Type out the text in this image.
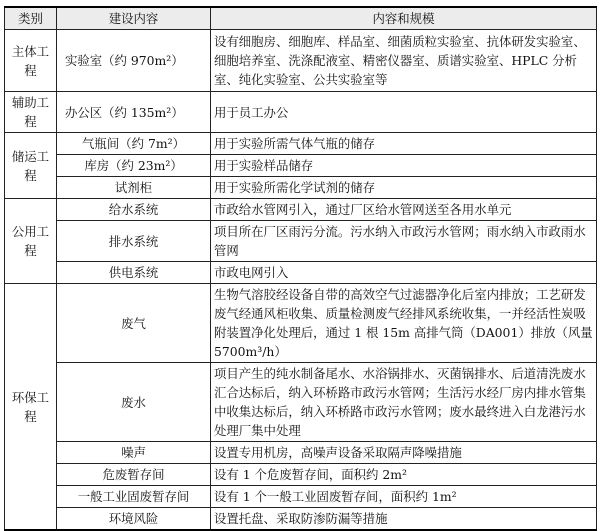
类别	建设内容	内容和规模
主体工程	实验室（约 970m²）	设有细胞房、细胞库、样品室、细菌质粒实验室、抗体研发实验室、细胞培养室、洗涤配液室、精密仪器室、质谱实验室、HPLC 分析室、纯化实验室、公共实验室等
辅助工程	办公区（约 135m²）	用于员工办公
储运工程	气瓶间（约 7m²）	用于实验所需气体气瓶的储存
	库房（约 23m²）	用于实验样品储存
	试剂柜	用于实验所需化学试剂的储存
公用工程	给水系统	市政给水管网引入，通过厂区给水管网送至各用水单元
	排水系统	项目所在厂区雨污分流。污水纳入市政污水管网；雨水纳入市政雨水管网
	供电系统	市政电网引入
环保工程	废气	生物气溶胶经设备自带的高效空气过滤器净化后室内排放；工艺研发废气经通风柜收集、质量检测废气经排风系统收集，一并经活性炭吸附装置净化处理后，通过 1 根 15m 高排气筒（DA001）排放（风量 5700m³/h）
	废水	项目产生的纯水制备尾水、水浴锅排水、灭菌锅排水、后道清洗废水汇合达标后，纳入环桥路市政污水管网；生活污水经厂房内排水管集中收集达标后，纳入环桥路市政污水管网；废水最终进入白龙港污水处理厂集中处理
	噪声	设置专用机房，高噪声设备采取隔声降噪措施
	危废暂存间	设有 1 个危废暂存间，面积约 2m²
	一般工业固废暂存间	设有 1 个一般工业固废暂存间，面积约 1m²
	环境风险	设置托盘、采取防渗防漏等措施
